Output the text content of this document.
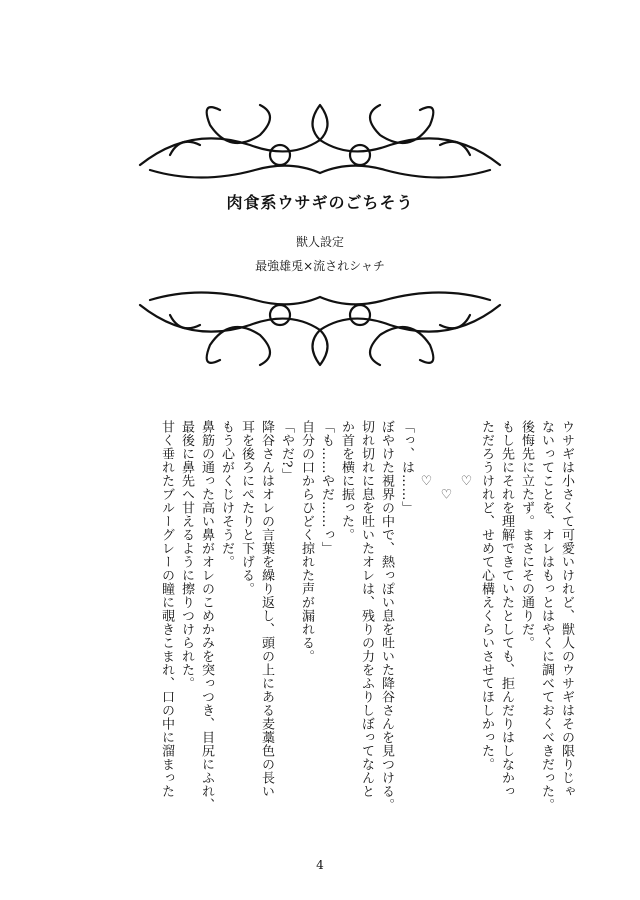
肉食系ウサギのごちそう
獣人設定
最強雄兎×流されシャチ

ウサギは小さくて可愛いけれど、獣人のウサギはその限りじゃ

ないってことを、オレはもっとはやくに調べておくべきだった。

後悔先に立たず。まさにその通りだ。

もし先にそれを理解できていたとしても、拒んだりはしなかっ

ただろうけれど、せめて心構えくらいさせてほしかった。

　　　　♡

　　　　　♡

　　　　♡

「っ、は……」

ぼやけた視界の中で、熱っぽい息を吐いた降谷さんを見つける。

切れ切れに息を吐いたオレは、残りの力をふりしぼってなんと

か首を横に振った。

「も……やだ……っ」

自分の口からひどく掠れた声が漏れる。

「やだ?」

降谷さんはオレの言葉を繰り返し、頭の上にある麦藁色の長い

耳を後ろにぺたりと下げる。

もう心がくじけそうだ。

鼻筋の通った高い鼻がオレのこめかみを突っつき、目尻にふれ、

最後に鼻先へ甘えるように擦りつけられた。

甘く垂れたブルーグレーの瞳に覗きこまれ、口の中に溜まった

4
